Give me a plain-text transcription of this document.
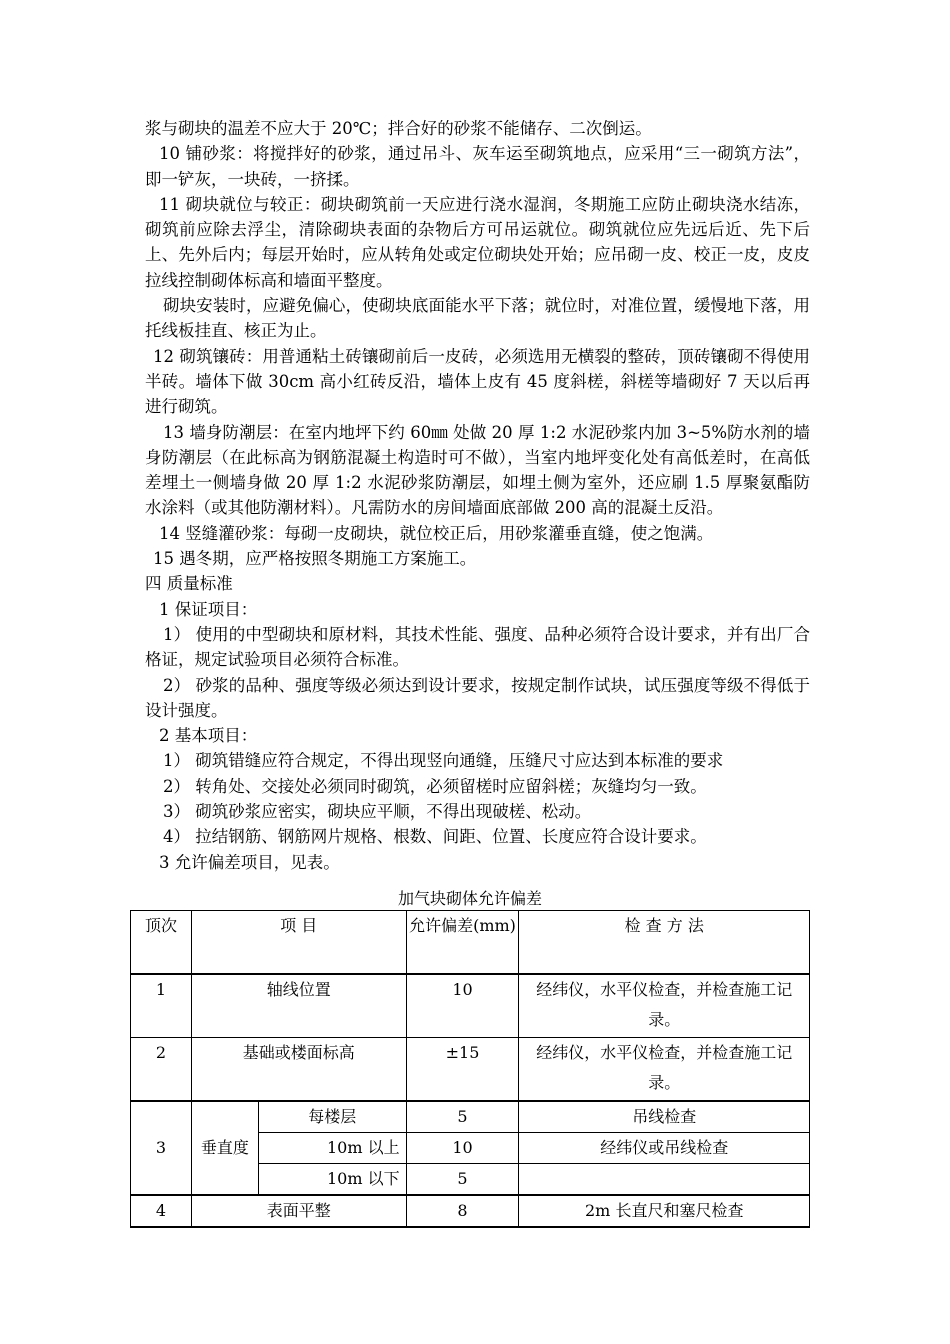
浆与砌块的温差不应大于 20℃；拌合好的砂浆不能储存、二次倒运。

10 铺砂浆：将搅拌好的砂浆，通过吊斗、灰车运至砌筑地点，应采用“三一砌筑方法”，即一铲灰，一块砖，一挤揉。

11 砌块就位与较正：砌块砌筑前一天应进行浇水湿润，冬期施工应防止砌块浇水结冻，砌筑前应除去浮尘，清除砌块表面的杂物后方可吊运就位。砌筑就位应先远后近、先下后上、先外后内；每层开始时，应从转角处或定位砌块处开始；应吊砌一皮、校正一皮，皮皮拉线控制砌体标高和墙面平整度。

砌块安装时，应避免偏心，使砌块底面能水平下落；就位时，对准位置，缓慢地下落，用托线板挂直、核正为止。

12 砌筑镶砖：用普通粘土砖镶砌前后一皮砖，必须选用无横裂的整砖，顶砖镶砌不得使用半砖。墙体下做 30cm 高小红砖反沿，墙体上皮有 45 度斜槎，斜槎等墙砌好 7 天以后再进行砌筑。

13 墙身防潮层：在室内地坪下约 60㎜ 处做 20 厚 1:2 水泥砂浆内加 3~5%防水剂的墙身防潮层（在此标高为钢筋混凝土构造时可不做），当室内地坪变化处有高低差时，在高低差埋土一侧墙身做 20 厚 1:2 水泥砂浆防潮层，如埋土侧为室外，还应刷 1.5 厚聚氨酯防水涂料（或其他防潮材料）。凡需防水的房间墙面底部做 200 高的混凝土反沿。

14 竖缝灌砂浆：每砌一皮砌块，就位校正后，用砂浆灌垂直缝，使之饱满。

15 遇冬期，应严格按照冬期施工方案施工。

四 质量标准

1 保证项目：

1） 使用的中型砌块和原材料，其技术性能、强度、品种必须符合设计要求，并有出厂合格证，规定试验项目必须符合标准。

2） 砂浆的品种、强度等级必须达到设计要求，按规定制作试块，试压强度等级不得低于设计强度。

2 基本项目：

1） 砌筑错缝应符合规定，不得出现竖向通缝，压缝尺寸应达到本标准的要求

2） 转角处、交接处必须同时砌筑，必须留槎时应留斜槎；灰缝均匀一致。

3） 砌筑砂浆应密实，砌块应平顺，不得出现破槎、松动。

4） 拉结钢筋、钢筋网片规格、根数、间距、位置、长度应符合设计要求。

3 允许偏差项目，见表。

加气块砌体允许偏差
顶次	项 目		允许偏差(mm)	检 查 方 法
1	轴线位置		10	经纬仪，水平仪检查，并检查施工记录。
2	基础或楼面标高		±15	经纬仪，水平仪检查，并检查施工记录。
3	垂直度	每楼层	5	吊线检查
		10m 以上	10	经纬仪或吊线检查
		10m 以下	5	
4	表面平整		8	2m 长直尺和塞尺检查
